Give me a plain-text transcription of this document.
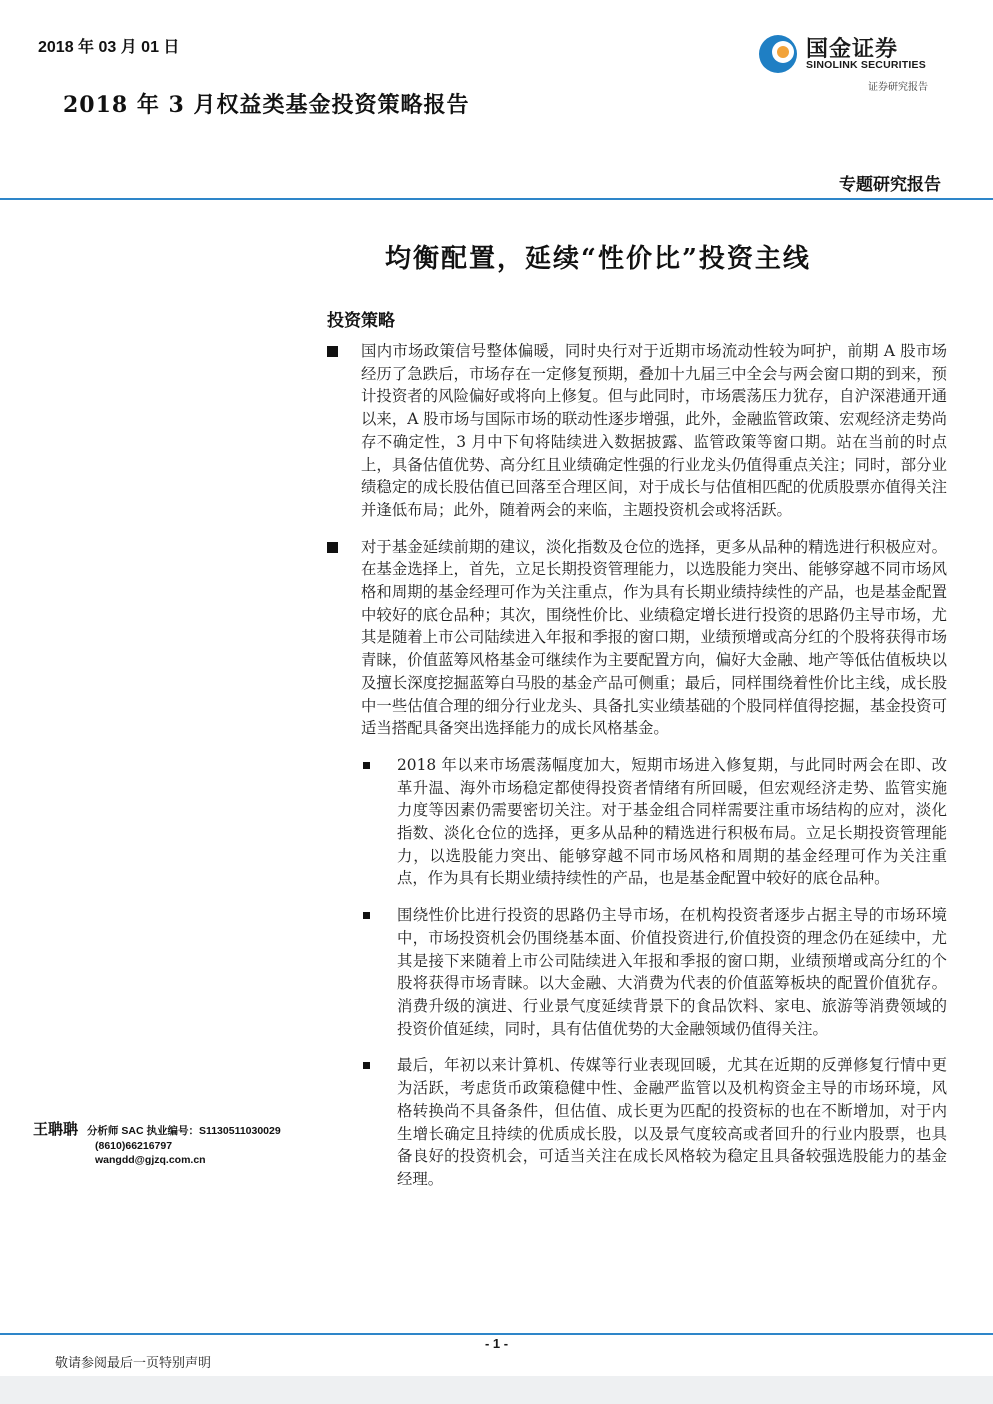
2018 年 03 月 01 日
2018 年 3 月权益类基金投资策略报告
国金证券
SINOLINK SECURITIES
证券研究报告
专题研究报告
均衡配置，延续“性价比”投资主线
投资策略
国内市场政策信号整体偏暖，同时央行对于近期市场流动性较为呵护，前期 A 股市场经历了急跌后，市场存在一定修复预期，叠加十九届三中全会与两会窗口期的到来，预计投资者的风险偏好或将向上修复。但与此同时，市场震荡压力犹存，自沪深港通开通以来，A 股市场与国际市场的联动性逐步增强，此外，金融监管政策、宏观经济走势尚存不确定性，3 月中下旬将陆续进入数据披露、监管政策等窗口期。站在当前的时点上，具备估值优势、高分红且业绩确定性强的行业龙头仍值得重点关注；同时，部分业绩稳定的成长股估值已回落至合理区间，对于成长与估值相匹配的优质股票亦值得关注并逢低布局；此外，随着两会的来临，主题投资机会或将活跃。
对于基金延续前期的建议，淡化指数及仓位的选择，更多从品种的精选进行积极应对。在基金选择上，首先，立足长期投资管理能力，以选股能力突出、能够穿越不同市场风格和周期的基金经理可作为关注重点，作为具有长期业绩持续性的产品，也是基金配置中较好的底仓品种；其次，围绕性价比、业绩稳定增长进行投资的思路仍主导市场，尤其是随着上市公司陆续进入年报和季报的窗口期，业绩预增或高分红的个股将获得市场青睐，价值蓝筹风格基金可继续作为主要配置方向，偏好大金融、地产等低估值板块以及擅长深度挖掘蓝筹白马股的基金产品可侧重；最后，同样围绕着性价比主线，成长股中一些估值合理的细分行业龙头、具备扎实业绩基础的个股同样值得挖掘，基金投资可适当搭配具备突出选择能力的成长风格基金。
2018 年以来市场震荡幅度加大，短期市场进入修复期，与此同时两会在即、改革升温、海外市场稳定都使得投资者情绪有所回暖，但宏观经济走势、监管实施力度等因素仍需要密切关注。对于基金组合同样需要注重市场结构的应对，淡化指数、淡化仓位的选择，更多从品种的精选进行积极布局。立足长期投资管理能力，以选股能力突出、能够穿越不同市场风格和周期的基金经理可作为关注重点，作为具有长期业绩持续性的产品，也是基金配置中较好的底仓品种。
围绕性价比进行投资的思路仍主导市场，在机构投资者逐步占据主导的市场环境中，市场投资机会仍围绕基本面、价值投资进行,价值投资的理念仍在延续中，尤其是接下来随着上市公司陆续进入年报和季报的窗口期，业绩预增或高分红的个股将获得市场青睐。以大金融、大消费为代表的价值蓝筹板块的配置价值犹存。消费升级的演进、行业景气度延续背景下的食品饮料、家电、旅游等消费领域的投资价值延续，同时，具有估值优势的大金融领域仍值得关注。
最后，年初以来计算机、传媒等行业表现回暖，尤其在近期的反弹修复行情中更为活跃，考虑货币政策稳健中性、金融严监管以及机构资金主导的市场环境，风格转换尚不具备条件，但估值、成长更为匹配的投资标的也在不断增加，对于内生增长确定且持续的优质成长股，以及景气度较高或者回升的行业内股票，也具备良好的投资机会，可适当关注在成长风格较为稳定且具备较强选股能力的基金经理。
王聃聃 分析师 SAC 执业编号：S1130511030029
(8610)66216797
wangdd@gjzq.com.cn
- 1 -
敬请参阅最后一页特别声明
